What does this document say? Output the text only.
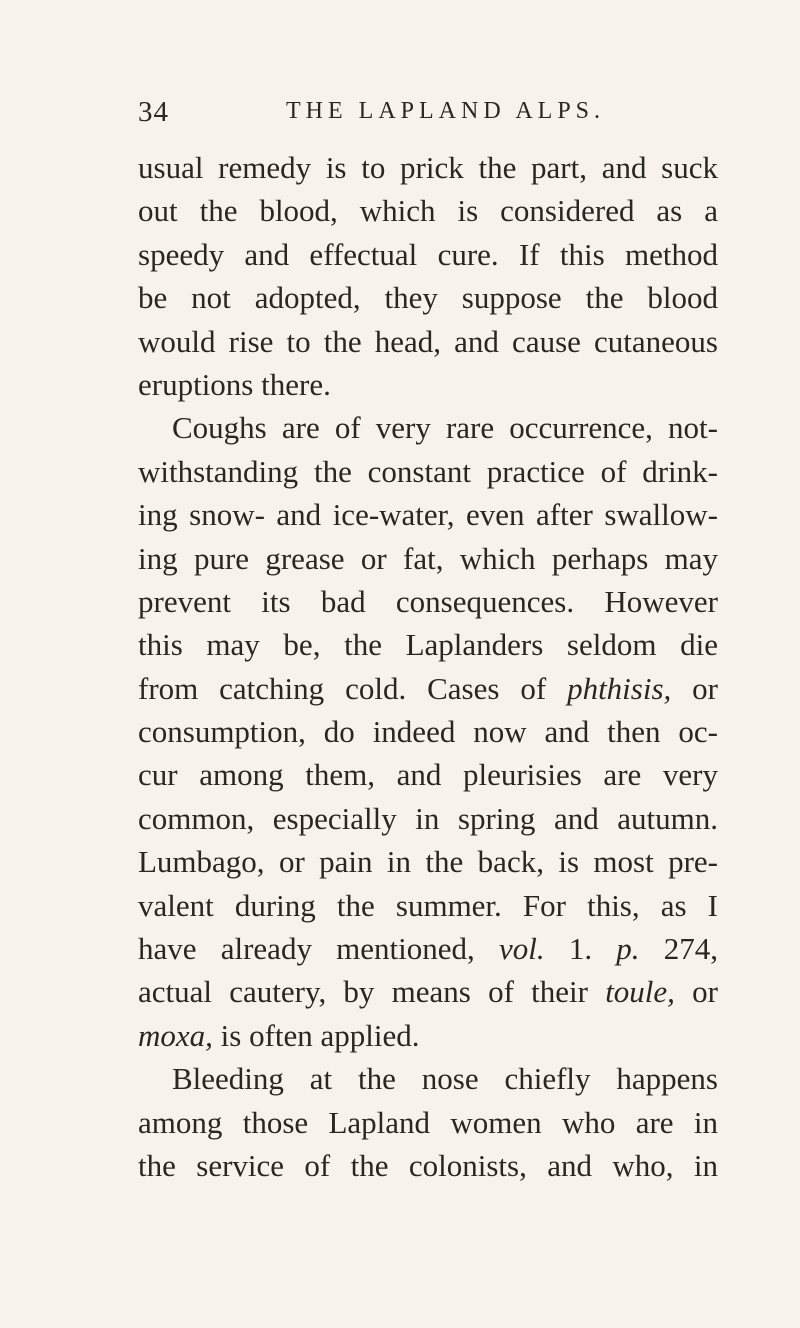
34	THE LAPLAND ALPS.
usual remedy is to prick the part, and suck
out the blood, which is considered as a
speedy and effectual cure. If this method
be not adopted, they suppose the blood
would rise to the head, and cause cutaneous
eruptions there.
Coughs are of very rare occurrence, not-
withstanding the constant practice of drink-
ing snow- and ice-water, even after swallow-
ing pure grease or fat, which perhaps may
prevent its bad consequences. However
this may be, the Laplanders seldom die
from catching cold. Cases of phthisis, or
consumption, do indeed now and then oc-
cur among them, and pleurisies are very
common, especially in spring and autumn.
Lumbago, or pain in the back, is most pre-
valent during the summer. For this, as I
have already mentioned, vol. 1. p. 274,
actual cautery, by means of their toule, or
moxa, is often applied.
Bleeding at the nose chiefly happens
among those Lapland women who are in
the service of the colonists, and who, in
